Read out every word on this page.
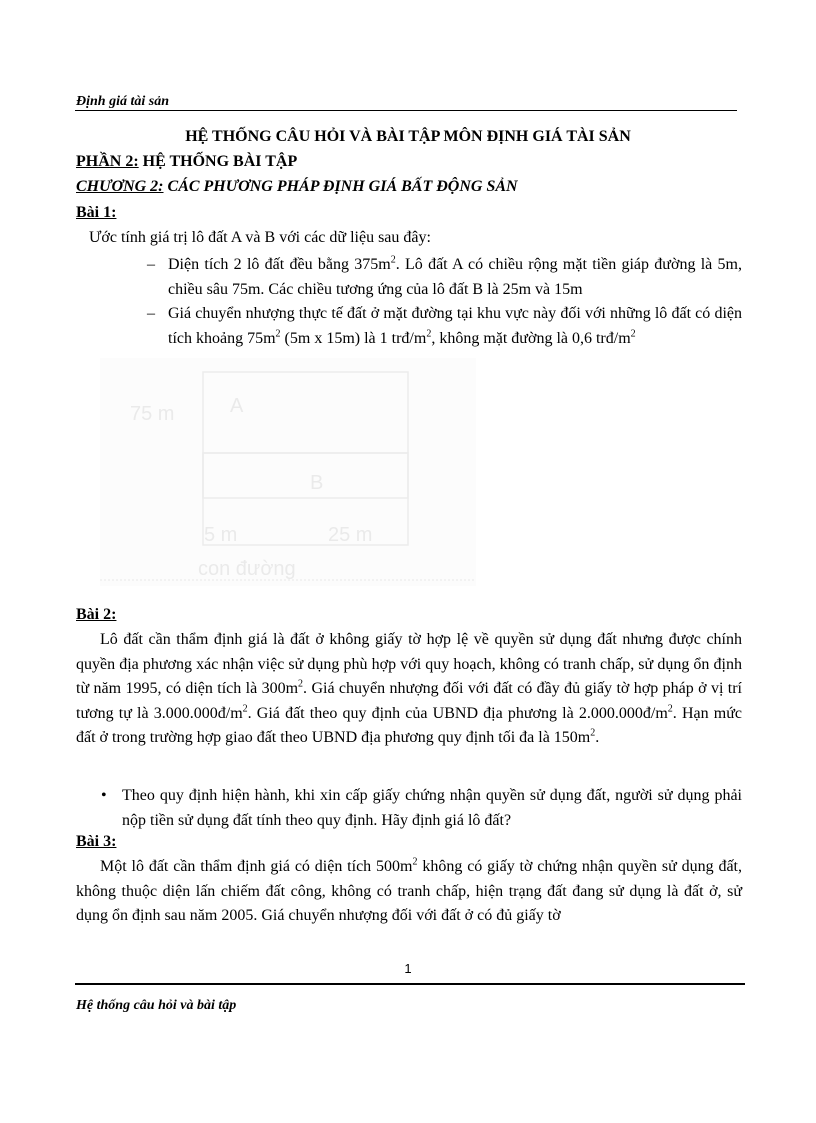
Định giá tài sản
HỆ THỐNG CÂU HỎI VÀ BÀI TẬP MÔN ĐỊNH GIÁ TÀI SẢN
PHẦN 2: HỆ THỐNG BÀI TẬP
CHƯƠNG 2: CÁC PHƯƠNG PHÁP ĐỊNH GIÁ BẤT ĐỘNG SẢN
Bài 1:
Ước tính giá trị lô đất A và B với các dữ liệu sau đây:
– Diện tích 2 lô đất đều bằng $375m^2$. Lô đất A có chiều rộng mặt tiền giáp đường là 5m, chiều sâu 75m. Các chiều tương ứng của lô đất B là 25m và 15m
– Giá chuyển nhượng thực tế đất ở mặt đường tại khu vực này đối với những lô đất có diện tích khoảng $75m^2$ (5m x 15m) là 1 trđ/$m^2$, không mặt đường là 0,6 trđ/$m^2$
75 m	A
B
5 m	25 m
con đường
Bài 2:
Lô đất cần thẩm định giá là đất ở không giấy tờ hợp lệ về quyền sử dụng đất nhưng được chính quyền địa phương xác nhận việc sử dụng phù hợp với quy hoạch, không có tranh chấp, sử dụng ổn định từ năm 1995, có diện tích là $300m^2$. Giá chuyển nhượng đối với đất có đầy đủ giấy tờ hợp pháp ở vị trí tương tự là $3.000.000đ/m^2$. Giá đất theo quy định của UBND địa phương là $2.000.000đ/m^2$. Hạn mức đất ở trong trường hợp giao đất theo UBND địa phương quy định tối đa là $150m^2$.
• Theo quy định hiện hành, khi xin cấp giấy chứng nhận quyền sử dụng đất, người sử dụng phải nộp tiền sử dụng đất tính theo quy định. Hãy định giá lô đất?
Bài 3:
Một lô đất cần thẩm định giá có diện tích $500m^2$ không có giấy tờ chứng nhận quyền sử dụng đất, không thuộc diện lấn chiếm đất công, không có tranh chấp, hiện trạng đất đang sử dụng là đất ở, sử dụng ổn định sau năm 2005. Giá chuyển nhượng đối với đất ở có đủ giấy tờ
1
Hệ thống câu hỏi và bài tập
